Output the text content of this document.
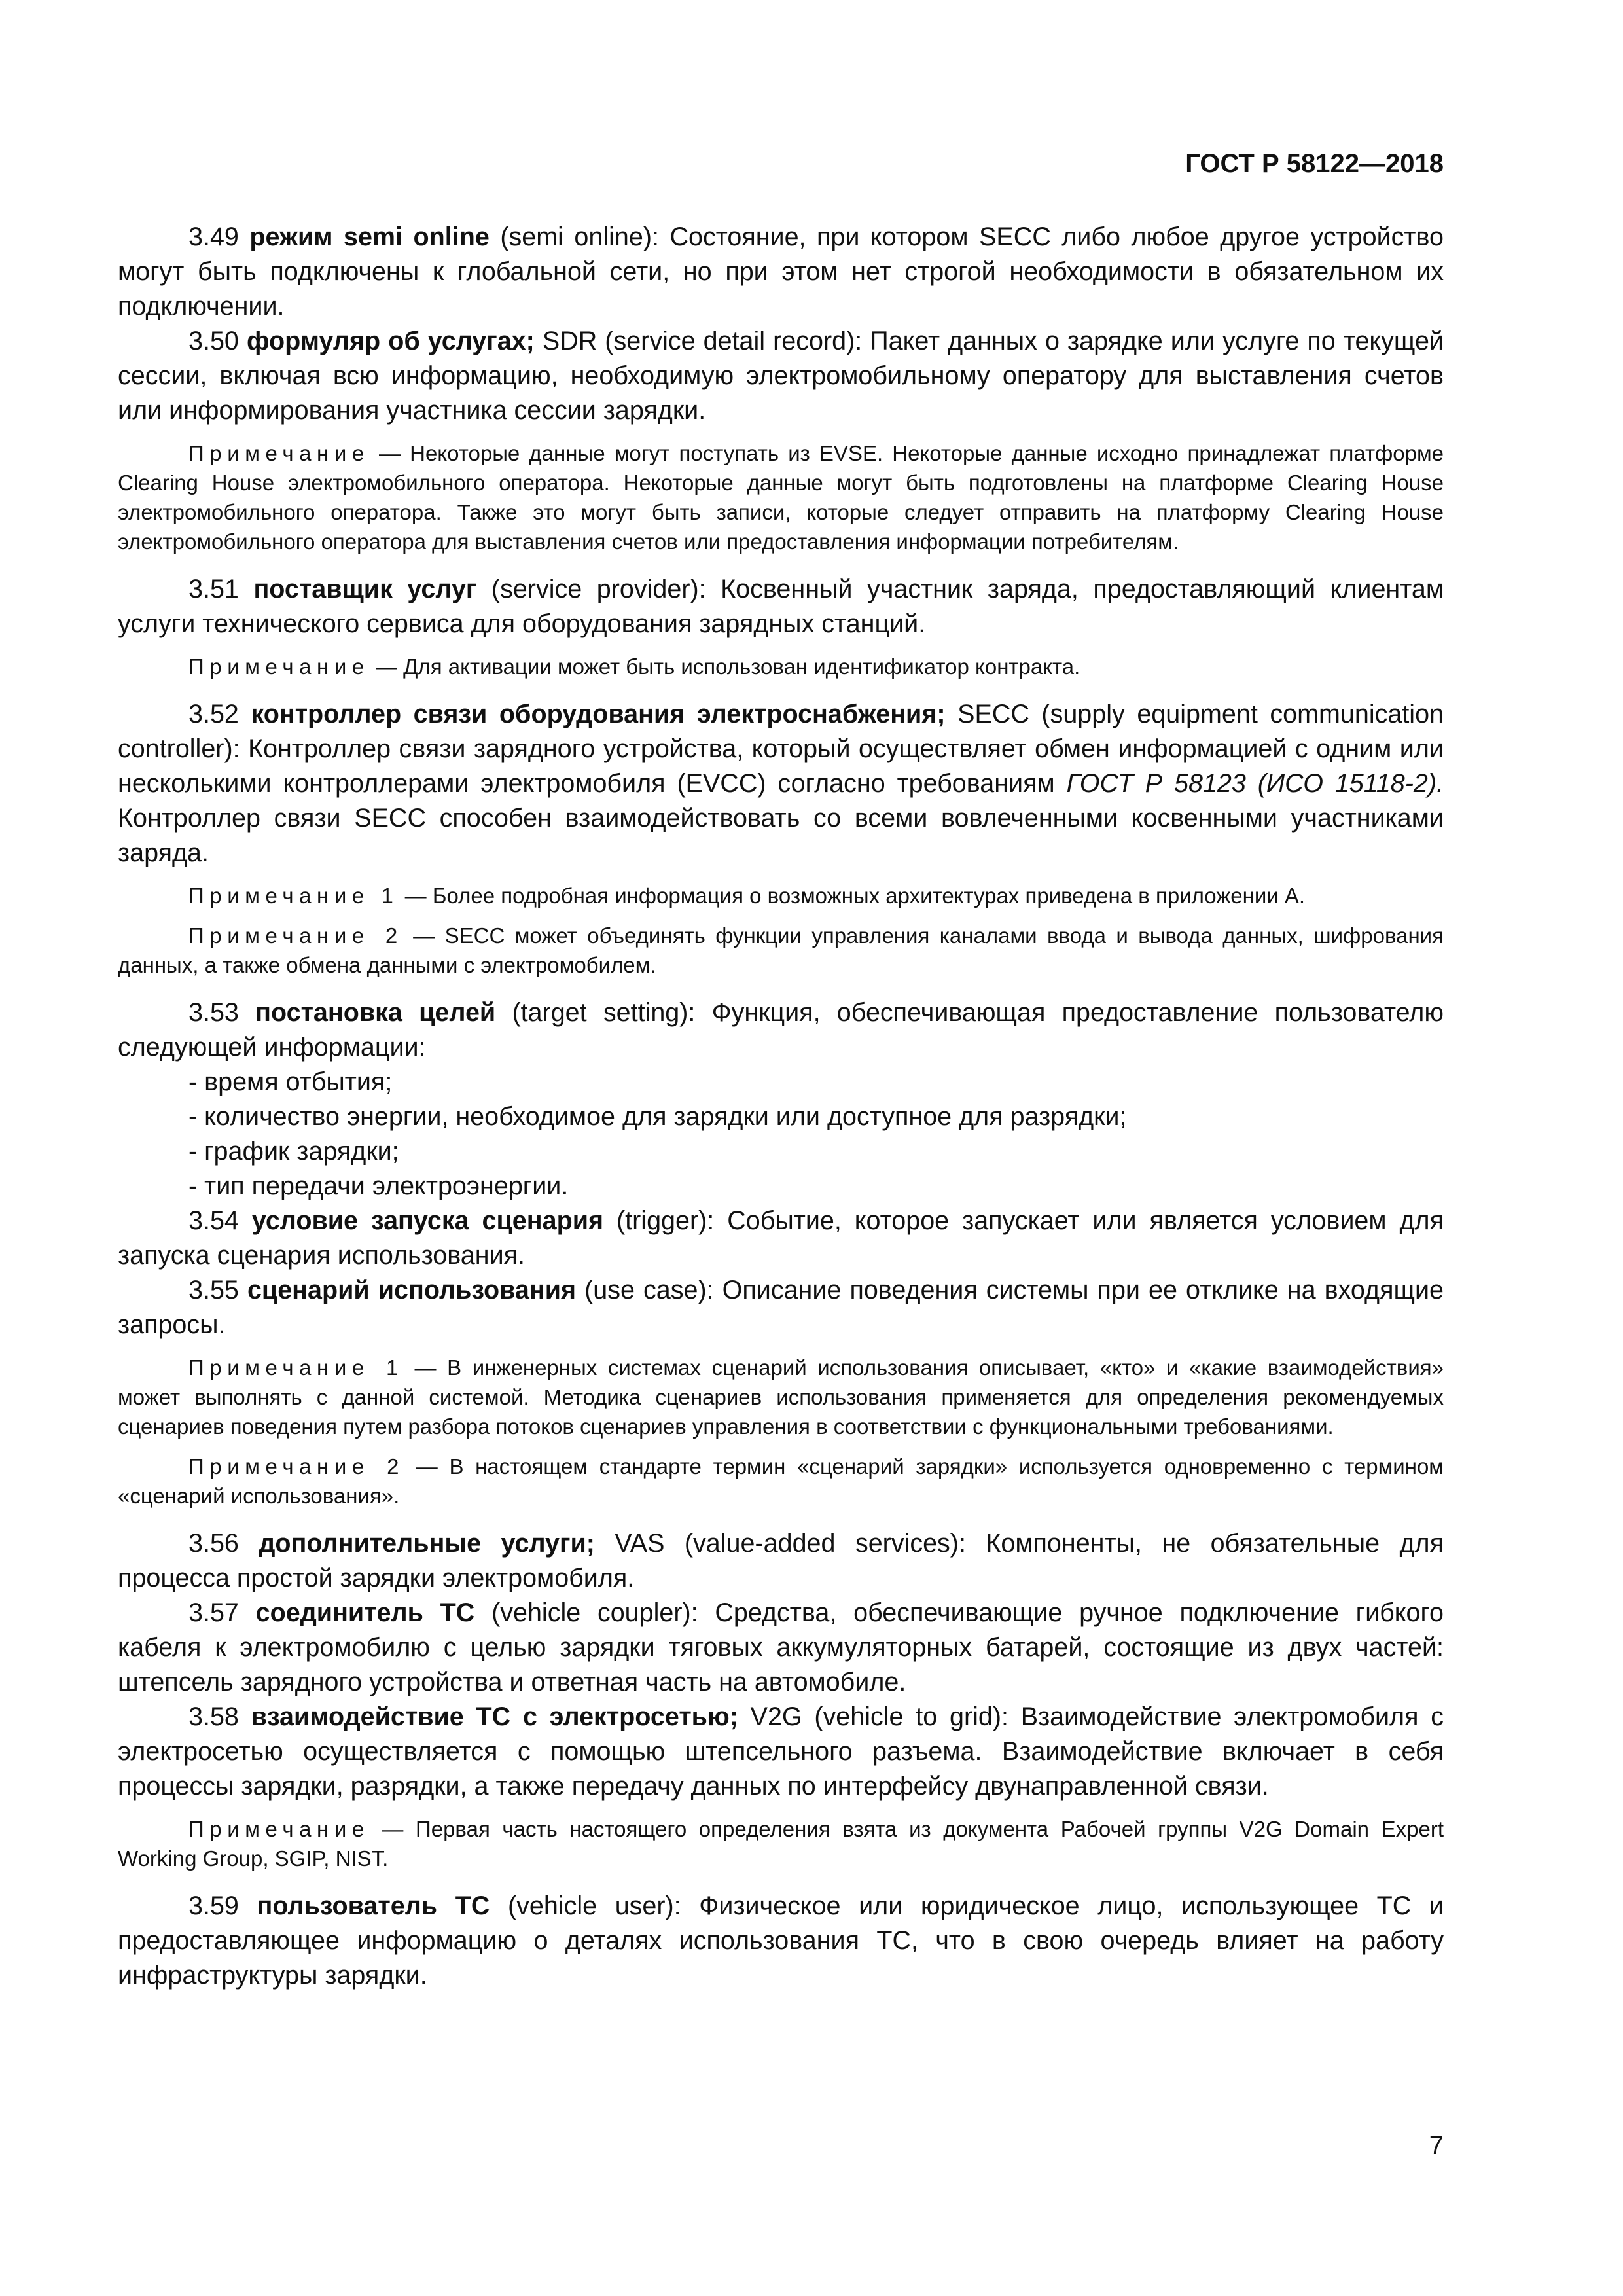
ГОСТ Р 58122—2018

3.49 режим semi online (semi online): Состояние, при котором SECC либо любое другое устройство могут быть подключены к глобальной сети, но при этом нет строгой необходимости в обязательном их подключении.

3.50 формуляр об услугах; SDR (service detail record): Пакет данных о зарядке или услуге по текущей сессии, включая всю информацию, необходимую электромобильному оператору для выставления счетов или информирования участника сессии зарядки.

Примечание — Некоторые данные могут поступать из EVSE. Некоторые данные исходно принадлежат платформе Clearing House электромобильного оператора. Некоторые данные могут быть подготовлены на платформе Clearing House электромобильного оператора. Также это могут быть записи, которые следует отправить на платформу Clearing House электромобильного оператора для выставления счетов или предоставления информации потребителям.

3.51 поставщик услуг (service provider): Косвенный участник заряда, предоставляющий клиентам услуги технического сервиса для оборудования зарядных станций.

Примечание — Для активации может быть использован идентификатор контракта.

3.52 контроллер связи оборудования электроснабжения; SECC (supply equipment communication controller): Контроллер связи зарядного устройства, который осуществляет обмен информацией с одним или несколькими контроллерами электромобиля (EVCC) согласно требованиям ГОСТ Р 58123 (ИСО 15118-2). Контроллер связи SECC способен взаимодействовать со всеми вовлеченными косвенными участниками заряда.

Примечание 1 — Более подробная информация о возможных архитектурах приведена в приложении А.

Примечание 2 — SECC может объединять функции управления каналами ввода и вывода данных, шифрования данных, а также обмена данными с электромобилем.

3.53 постановка целей (target setting): Функция, обеспечивающая предоставление пользователю следующей информации:

- время отбытия;
- количество энергии, необходимое для зарядки или доступное для разрядки;
- график зарядки;
- тип передачи электроэнергии.

3.54 условие запуска сценария (trigger): Событие, которое запускает или является условием для запуска сценария использования.

3.55 сценарий использования (use case): Описание поведения системы при ее отклике на входящие запросы.

Примечание 1 — В инженерных системах сценарий использования описывает, «кто» и «какие взаимодействия» может выполнять с данной системой. Методика сценариев использования применяется для определения рекомендуемых сценариев поведения путем разбора потоков сценариев управления в соответствии с функциональными требованиями.

Примечание 2 — В настоящем стандарте термин «сценарий зарядки» используется одновременно с термином «сценарий использования».

3.56 дополнительные услуги; VAS (value-added services): Компоненты, не обязательные для процесса простой зарядки электромобиля.

3.57 соединитель ТС (vehicle coupler): Средства, обеспечивающие ручное подключение гибкого кабеля к электромобилю с целью зарядки тяговых аккумуляторных батарей, состоящие из двух частей: штепсель зарядного устройства и ответная часть на автомобиле.

3.58 взаимодействие ТС с электросетью; V2G (vehicle to grid): Взаимодействие электромобиля с электросетью осуществляется с помощью штепсельного разъема. Взаимодействие включает в себя процессы зарядки, разрядки, а также передачу данных по интерфейсу двунаправленной связи.

Примечание — Первая часть настоящего определения взята из документа Рабочей группы V2G Domain Expert Working Group, SGIP, NIST.

3.59 пользователь ТС (vehicle user): Физическое или юридическое лицо, использующее ТС и предоставляющее информацию о деталях использования ТС, что в свою очередь влияет на работу инфраструктуры зарядки.

7
